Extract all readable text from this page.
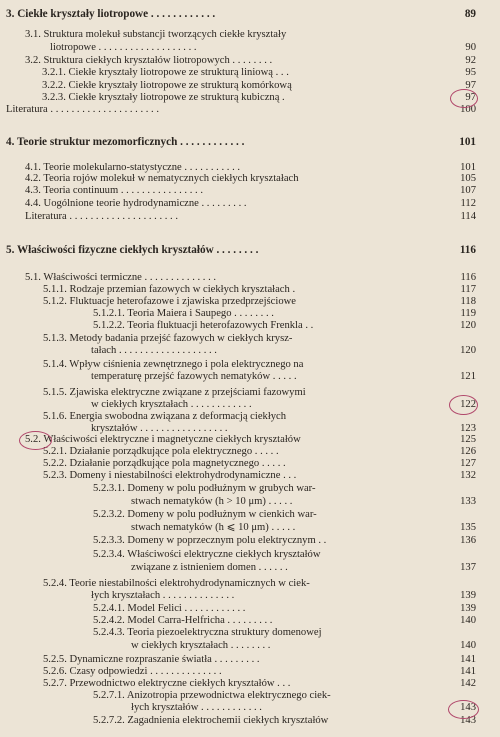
3. Ciekłe kryształy liotropowe . . . . . . . . . . . .	89
3.1. Struktura molekuł substancji tworzących ciekłe kryształy
liotropowe . . . . . . . . . . . . . . . . . . .	90
3.2. Struktura ciekłych kryształów liotropowych . . . . . . . .	92
3.2.1. Ciekłe kryształy liotropowe ze strukturą liniową . . .	95
3.2.2. Ciekłe kryształy liotropowe ze strukturą komórkową	97
3.2.3. Ciekłe kryształy liotropowe ze strukturą kubiczną .	97
Literatura . . . . . . . . . . . . . . . . . . . . .	100
4. Teorie struktur mezomorficznych . . . . . . . . . . . .	101
4.1. Teorie molekularno-statystyczne . . . . . . . . . . .	101
4.2. Teoria rojów molekuł w nematycznych ciekłych kryształach	105
4.3. Teoria continuum . . . . . . . . . . . . . . . .	107
4.4. Uogólnione teorie hydrodynamiczne . . . . . . . . .	112
Literatura . . . . . . . . . . . . . . . . . . . . .	114
5. Właściwości fizyczne ciekłych kryształów . . . . . . . .	116
5.1. Właściwości termiczne . . . . . . . . . . . . . .	116
5.1.1. Rodzaje przemian fazowych w ciekłych kryształach .	117
5.1.2. Fluktuacje heterofazowe i zjawiska przedprzejściowe	118
5.1.2.1. Teoria Maiera i Saupego . . . . . . . .	119
5.1.2.2. Teoria fluktuacji heterofazowych Frenkla . .	120
5.1.3. Metody badania przejść fazowych w ciekłych krysz-
tałach . . . . . . . . . . . . . . . . . . .	120
5.1.4. Wpływ ciśnienia zewnętrznego i pola elektrycznego na
temperaturę przejść fazowych nematyków . . . . .	121
5.1.5. Zjawiska elektryczne związane z przejściami fazowymi
w ciekłych kryształach . . . . . . . . . . . .	122
5.1.6. Energia swobodna związana z deformacją ciekłych
kryształów . . . . . . . . . . . . . . . . .	123
5.2. Właściwości elektryczne i magnetyczne ciekłych kryształów	125
5.2.1. Działanie porządkujące pola elektrycznego . . . . .	126
5.2.2. Działanie porządkujące pola magnetycznego . . . . .	127
5.2.3. Domeny i niestabilności elektrohydrodynamiczne . . .	132
5.2.3.1. Domeny w polu podłużnym w grubych war-
stwach nematyków (h > 10 μm) . . . . .	133
5.2.3.2. Domeny w polu podłużnym w cienkich war-
stwach nematyków (h ⩽ 10 μm) . . . . .	135
5.2.3.3. Domeny w poprzecznym polu elektrycznym . .	136
5.2.3.4. Właściwości elektryczne ciekłych kryształów
związane z istnieniem domen . . . . . .	137
5.2.4. Teorie niestabilności elektrohydrodynamicznych w ciek-
łych kryształach . . . . . . . . . . . . . .	139
5.2.4.1. Model Felici . . . . . . . . . . . .	139
5.2.4.2. Model Carra-Helfricha . . . . . . . . .	140
5.2.4.3. Teoria piezoelektryczna struktury domenowej
w ciekłych kryształach . . . . . . . .	140
5.2.5. Dynamiczne rozpraszanie światła . . . . . . . . .	141
5.2.6. Czasy odpowiedzi . . . . . . . . . . . . . .	141
5.2.7. Przewodnictwo elektryczne ciekłych kryształów . . .	142
5.2.7.1. Anizotropia przewodnictwa elektrycznego ciek-
łych kryształów . . . . . . . . . . . .	143
5.2.7.2. Zagadnienia elektrochemii ciekłych kryształów	143
